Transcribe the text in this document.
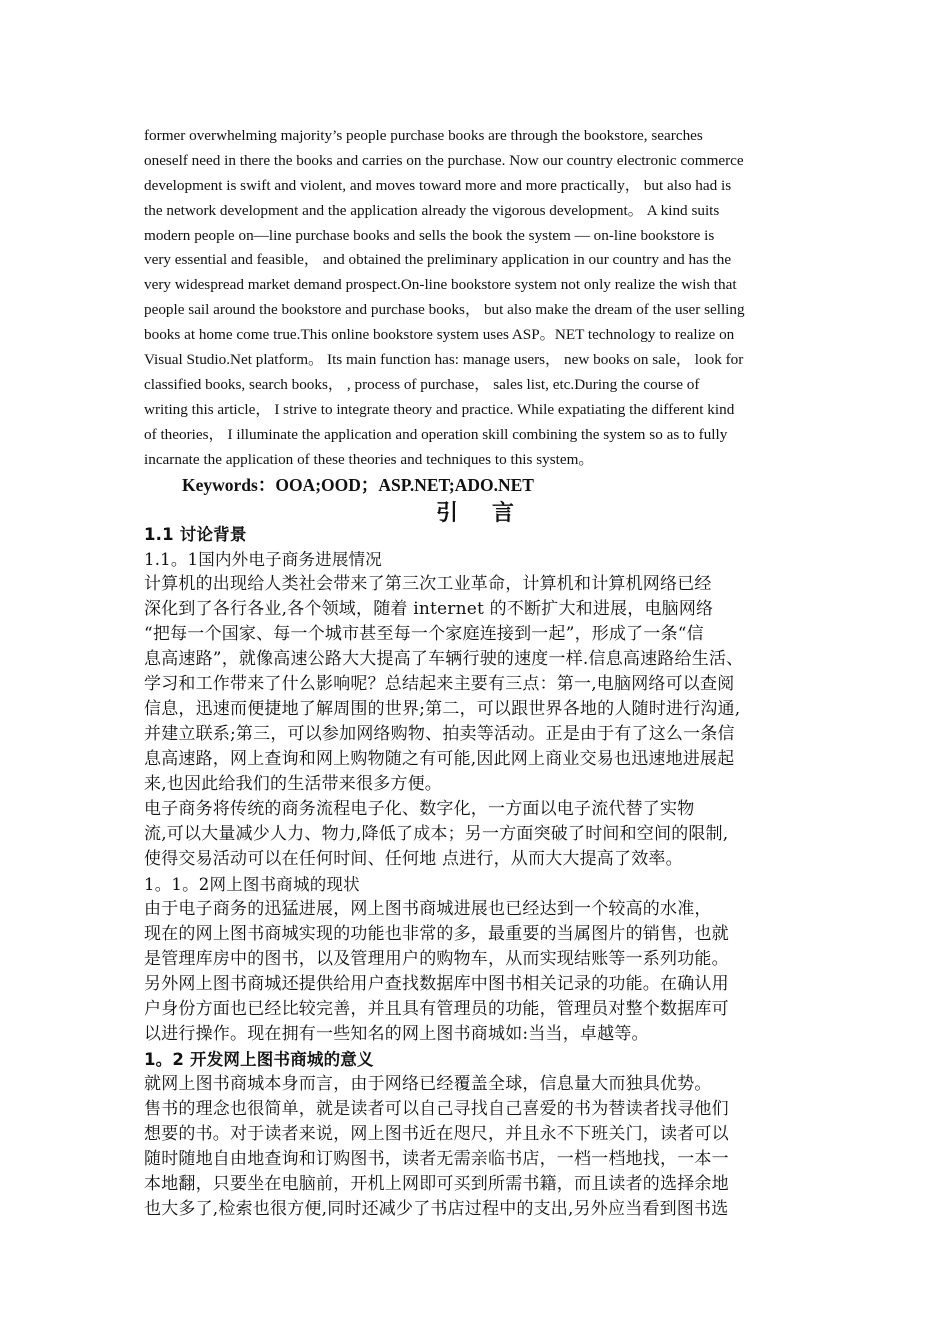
former overwhelming majority’s people purchase books are through the bookstore, searches
oneself need in there the books and carries on the purchase. Now our country electronic commerce
development is swift and violent, and moves toward more and more practically， but also had is
the network development and the application already the vigorous development。 A kind suits
modern people on—line purchase books and sells the book the system — on-line bookstore is
very essential and feasible， and obtained the preliminary application in our country and has the
very widespread market demand prospect.On-line bookstore system not only realize the wish that
people sail around the bookstore and purchase books， but also make the dream of the user selling
books at home come true.This online bookstore system uses ASP。NET technology to realize on
Visual Studio.Net platform。 Its main function has: manage users， new books on sale， look for
classified books, search books， , process of purchase， sales list, etc.During the course of
writing this article， I strive to integrate theory and practice. While expatiating the different kind
of theories， I illuminate the application and operation skill combining the system so as to fully
incarnate the application of these theories and techniques to this system。
Keywords：OOA;OOD；ASP.NET;ADO.NET
引言
1.1 讨论背景
1.1。1国内外电子商务进展情况
计算机的出现给人类社会带来了第三次工业革命，计算机和计算机网络已经
深化到了各行各业,各个领域，随着 internet 的不断扩大和进展，电脑网络
“把每一个国家、每一个城市甚至每一个家庭连接到一起”，形成了一条“信
息高速路”，就像高速公路大大提高了车辆行驶的速度一样.信息高速路给生活、
学习和工作带来了什么影响呢？总结起来主要有三点：第一,电脑网络可以查阅
信息，迅速而便捷地了解周围的世界;第二，可以跟世界各地的人随时进行沟通,
并建立联系;第三，可以参加网络购物、拍卖等活动。正是由于有了这么一条信
息高速路，网上查询和网上购物随之有可能,因此网上商业交易也迅速地进展起
来,也因此给我们的生活带来很多方便。
电子商务将传统的商务流程电子化、数字化，一方面以电子流代替了实物
流,可以大量减少人力、物力,降低了成本；另一方面突破了时间和空间的限制,
使得交易活动可以在任何时间、任何地 点进行，从而大大提高了效率。
1。1。2网上图书商城的现状
由于电子商务的迅猛进展，网上图书商城进展也已经达到一个较高的水准，
现在的网上图书商城实现的功能也非常的多，最重要的当属图片的销售，也就
是管理库房中的图书，以及管理用户的购物车，从而实现结账等一系列功能。
另外网上图书商城还提供给用户查找数据库中图书相关记录的功能。在确认用
户身份方面也已经比较完善，并且具有管理员的功能，管理员对整个数据库可
以进行操作。现在拥有一些知名的网上图书商城如:当当，卓越等。
1。2 开发网上图书商城的意义
就网上图书商城本身而言，由于网络已经覆盖全球，信息量大而独具优势。
售书的理念也很简单，就是读者可以自己寻找自己喜爱的书为替读者找寻他们
想要的书。对于读者来说，网上图书近在咫尺，并且永不下班关门，读者可以
随时随地自由地查询和订购图书，读者无需亲临书店，一档一档地找，一本一
本地翻，只要坐在电脑前，开机上网即可买到所需书籍，而且读者的选择余地
也大多了,检索也很方便,同时还减少了书店过程中的支出,另外应当看到图书选
